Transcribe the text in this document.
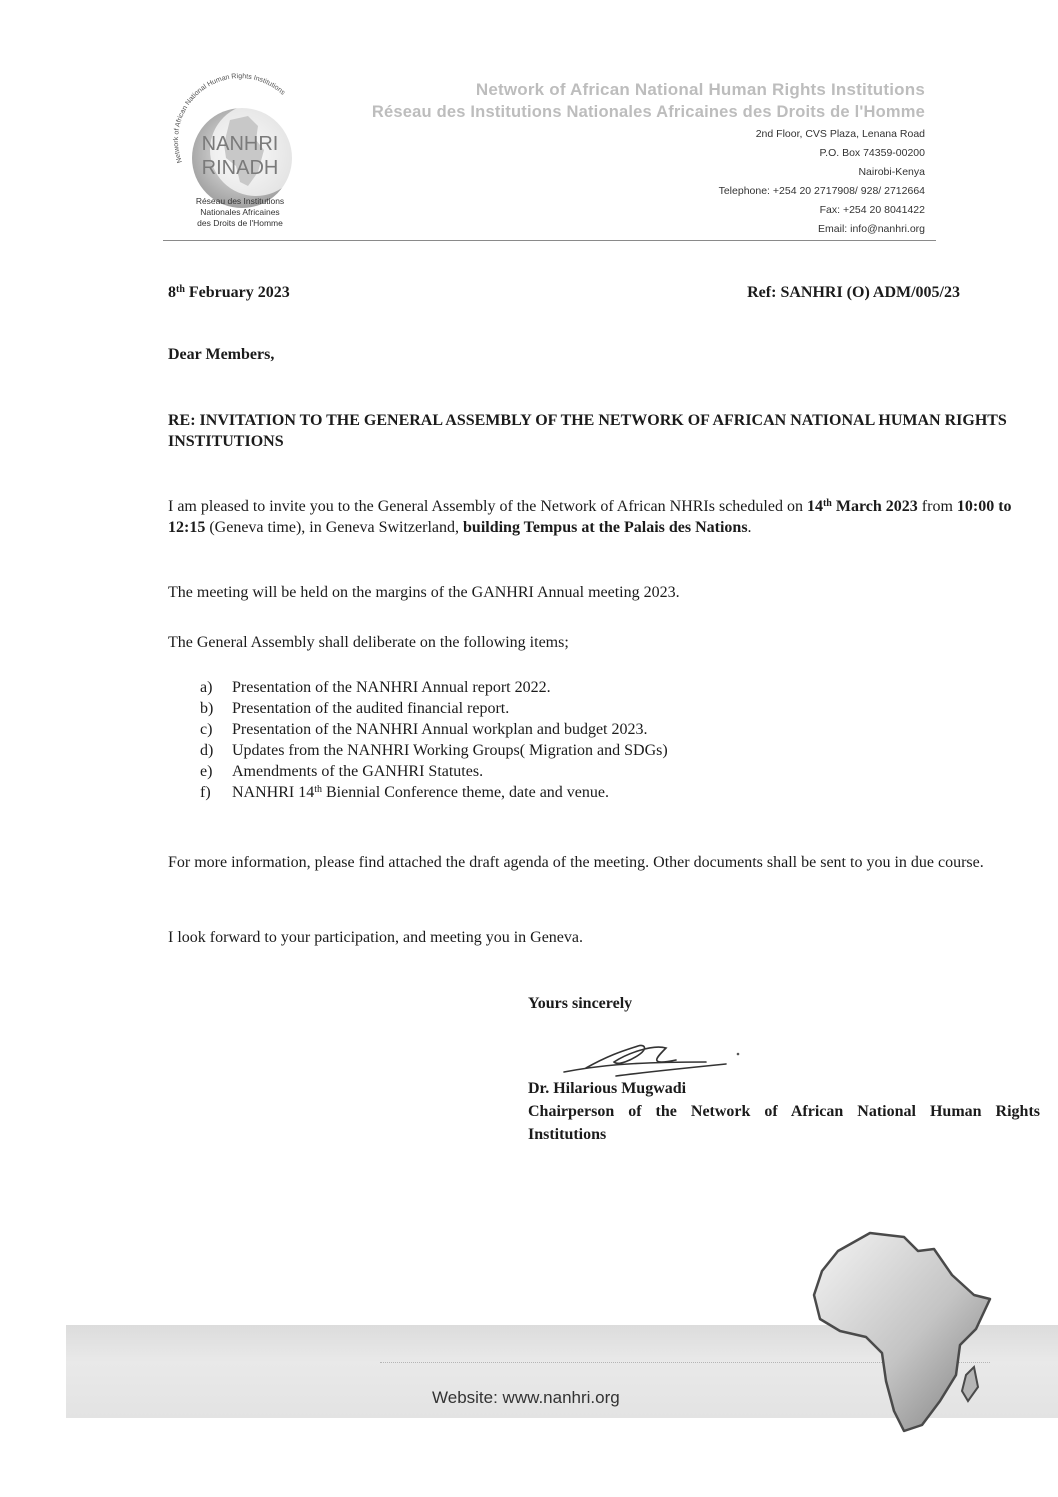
Network of African National Human Rights Institutions
NANHRI
RINADH
Réseau des Institutions
Nationales Africaines
des Droits de l'Homme
Network of African National Human Rights Institutions
Réseau des Institutions Nationales Africaines des Droits de l'Homme
2nd Floor, CVS Plaza, Lenana Road
P.O. Box 74359-00200
Nairobi-Kenya
Telephone: +254 20 2717908/ 928/ 2712664
Fax: +254 20 8041422
Email: info@nanhri.org
8th February 2023	Ref: SANHRI (O) ADM/005/23
Dear Members,
RE: INVITATION TO THE GENERAL ASSEMBLY OF THE NETWORK OF AFRICAN NATIONAL HUMAN RIGHTS INSTITUTIONS
I am pleased to invite you to the General Assembly of the Network of African NHRIs scheduled on 14th March 2023 from 10:00 to 12:15 (Geneva time), in Geneva Switzerland, building Tempus at the Palais des Nations.
The meeting will be held on the margins of the GANHRI Annual meeting 2023.
The General Assembly shall deliberate on the following items;
a)	Presentation of the NANHRI Annual report 2022.
b)	Presentation of the audited financial report.
c)	Presentation of the NANHRI Annual workplan and budget 2023.
d)	Updates from the NANHRI Working Groups( Migration and SDGs)
e)	Amendments of the GANHRI Statutes.
f)	NANHRI 14th Biennial Conference theme, date and venue.
For more information, please find attached the draft agenda of the meeting. Other documents shall be sent to you in due course.
I look forward to your participation, and meeting you in Geneva.
Yours sincerely
Dr. Hilarious Mugwadi
Chairperson of the Network of African National Human Rights Institutions
Website: www.nanhri.org
